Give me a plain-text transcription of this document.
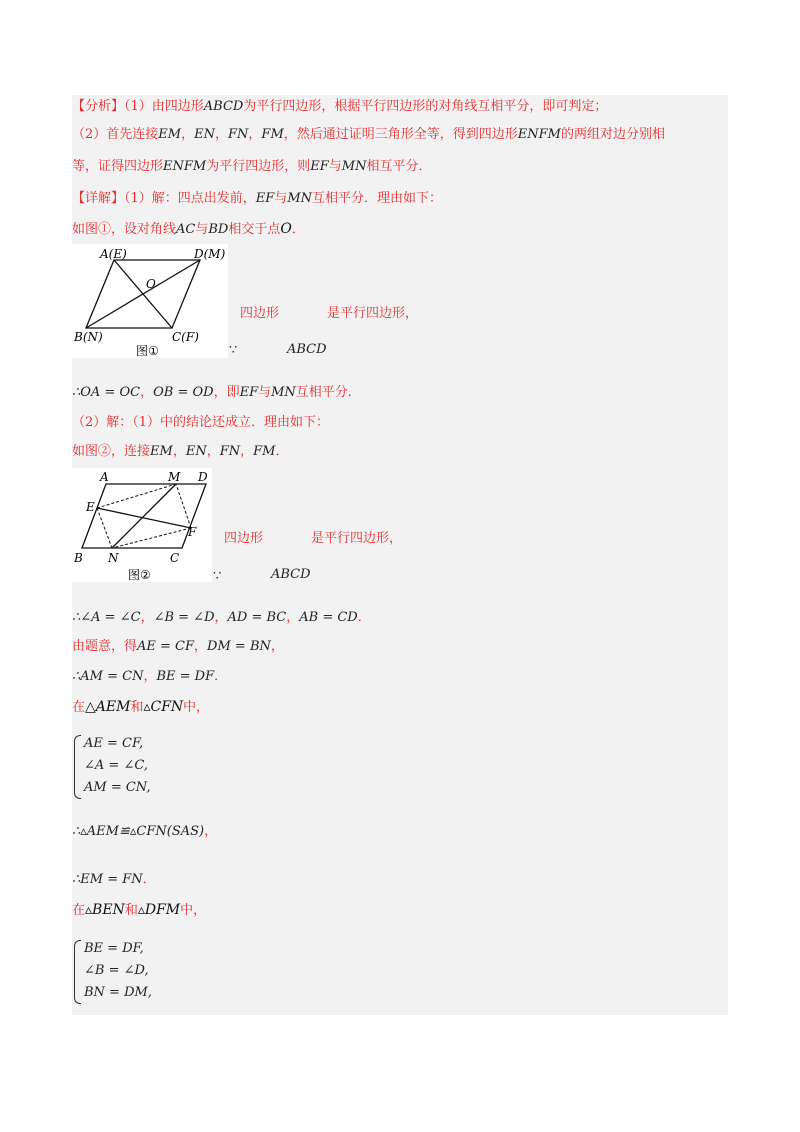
【分析】（1）由四边形ABCD为平行四边形，根据平行四边形的对角线互相平分，即可判定；
（2）首先连接EM，EN，FN，FM，然后通过证明三角形全等，得到四边形ENFM的两组对边分别相
等，证得四边形ENFM为平行四边形，则EF与MN相互平分．
【详解】（1）解：四点出发前，EF与MN互相平分．理由如下：
如图①，设对角线AC与BD相交于点O．
A(E)	D(M)
O
B(N)	C(F)
图①
四边形	是平行四边形，
∵	ABCD
∴OA = OC，OB = OD，即EF与MN互相平分．
（2）解：（1）中的结论还成立．理由如下：
如图②，连接EM，EN，FN，FM．
A	M D
E
F
B N	C
图②
四边形	是平行四边形，
∵	ABCD
∴∠A = ∠C，∠B = ∠D，AD = BC，AB = CD．
由题意，得AE = CF，DM = BN，
∴AM = CN，BE = DF．
在△AEM和▵CFN中，
AE = CF,
∠A = ∠C,
AM = CN,
∴▵AEM≌▵CFN(SAS)，
∴EM = FN．
在▵BEN和▵DFM中，
BE = DF,
∠B = ∠D,
BN = DM,
